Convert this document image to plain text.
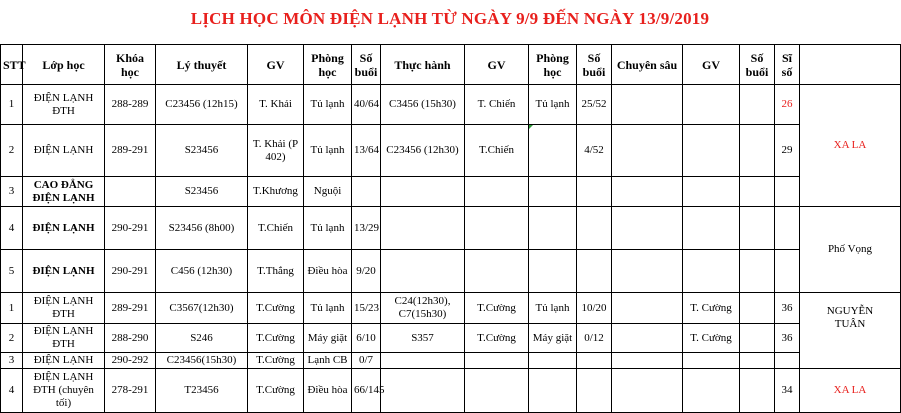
LỊCH HỌC MÔN ĐIỆN LẠNH TỪ NGÀY 9/9 ĐẾN NGÀY 13/9/2019
STT	Lớp học	Khóa học	Lý thuyết	GV	Phòng học	Số buổi	Thực hành	GV	Phòng học	Số buổi	Chuyên sâu	GV	Số buổi	Sĩ số	
1	ĐIỆN LẠNH ĐTH	288-289	C23456 (12h15)	T. Khải	Tủ lạnh	40/64	C3456 (15h30)	T. Chiến	Tủ lạnh	25/52				26	XA LA
2	ĐIỆN LẠNH	289-291	S23456	T. Khải (P 402)	Tủ lạnh	13/64	C23456 (12h30)	T.Chiến		4/52				29	
3	CAO ĐẲNG ĐIỆN LẠNH		S23456	T.Khương	Nguội										
4	ĐIỆN LẠNH	290-291	S23456 (8h00)	T.Chiến	Tủ lạnh	13/29									Phố Vọng
5	ĐIỆN LẠNH	290-291	C456 (12h30)	T.Thắng	Điều hòa	9/20									
1	ĐIỆN LẠNH ĐTH	289-291	C3567(12h30)	T.Cường	Tủ lạnh	15/23	C24(12h30), C7(15h30)	T.Cường	Tủ lạnh	10/20		T. Cường		36	NGUYỄN TUÂN
2	ĐIỆN LẠNH ĐTH	288-290	S246	T.Cường	Máy giặt	6/10	S357	T.Cường	Máy giặt	0/12		T. Cường		36	
3	ĐIỆN LẠNH	290-292	C23456(15h30)	T.Cường	Lạnh CB	0/7									
4	ĐIỆN LẠNH ĐTH (chuyên tối)	278-291	T23456	T.Cường	Điều hòa	66/145								34	XA LA
